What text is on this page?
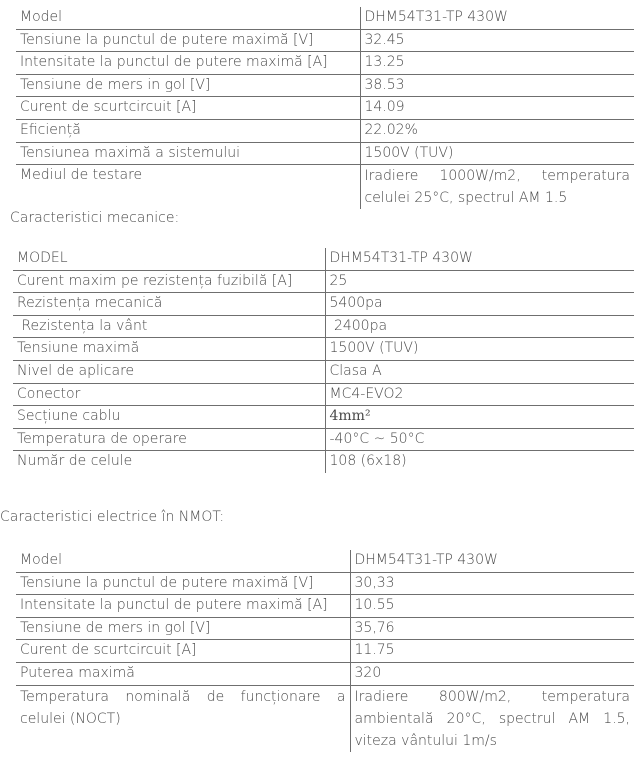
Model	DHM54T31-TP 430W
Tensiune la punctul de putere maximă [V]	32.45
Intensitate la punctul de putere maximă [A]	13.25
Tensiune de mers in gol [V]	38.53
Curent de scurtcircuit [A]	14.09
Eficiență	22.02%
Tensiunea maximă a sistemului	1500V (TUV)
Mediul de testare	Iradiere 1000W/m2, temperatura celulei 25°C, spectrul AM 1.5
Caracteristici mecanice:
MODEL	DHM54T31-TP 430W
Curent maxim pe rezistența fuzibilă [A]	25
Rezistența mecanică	5400pa
Rezistența la vânt	2400pa
Tensiune maximă	1500V (TUV)
Nivel de aplicare	Clasa A
Conector	MC4-EVO2
Secțiune cablu	4mm²
Temperatura de operare	-40°C ~ 50°C
Număr de celule	108 (6x18)
Caracteristici electrice în NMOT:
Model	DHM54T31-TP 430W
Tensiune la punctul de putere maximă [V]	30,33
Intensitate la punctul de putere maximă [A]	10.55
Tensiune de mers in gol [V]	35,76
Curent de scurtcircuit [A]	11.75
Puterea maximă	320
Temperatura nominală de funcționare a celulei (NOCT)	Iradiere 800W/m2, temperatura ambientală 20°C, spectrul AM 1.5, viteza vântului 1m/s
